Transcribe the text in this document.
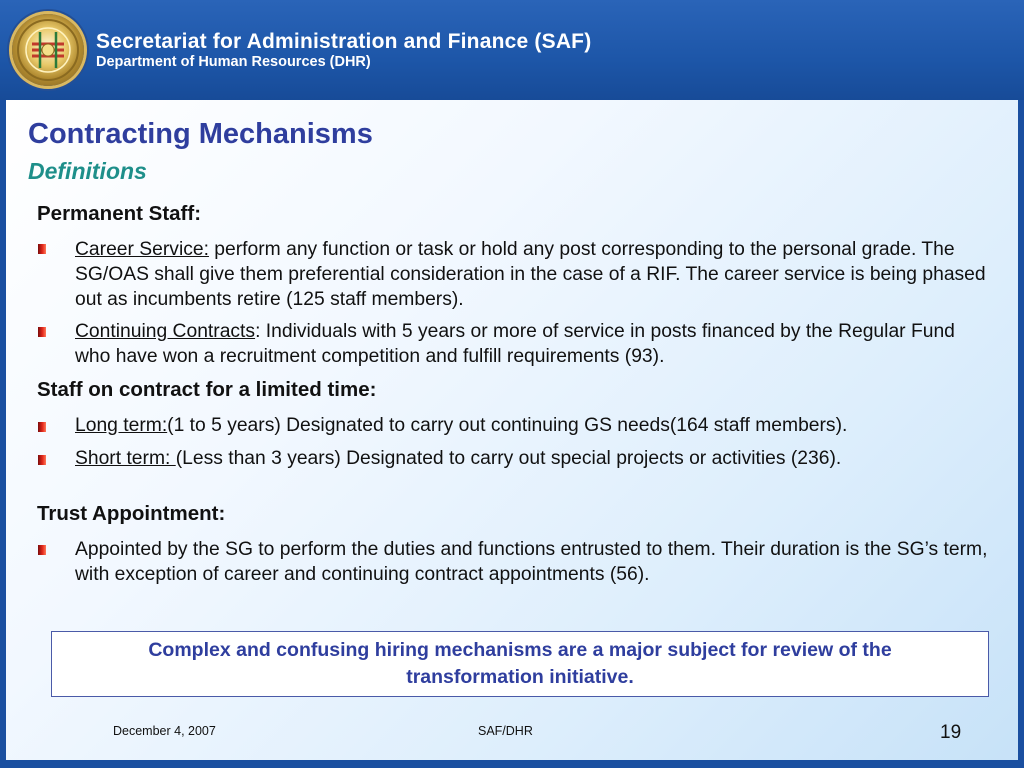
Secretariat for Administration and Finance (SAF)
Department of Human Resources (DHR)
Contracting Mechanisms
Definitions
Permanent Staff:

Career Service: perform any function or task or hold any post corresponding to the personal grade. The SG/OAS shall give them preferential consideration in the case of a RIF. The career service is being phased out as incumbents retire (125 staff members).

Continuing Contracts: Individuals with 5 years or more of service in posts financed by the Regular Fund who have won a recruitment competition and fulfill requirements (93).

Staff on contract for a limited time:

Long term:(1 to 5 years) Designated to carry out continuing GS needs(164 staff members).

Short term: (Less than 3 years) Designated to carry out special projects or activities (236).

Trust Appointment:

Appointed by the SG to perform the duties and functions entrusted to them. Their duration is the SG’s term, with exception of career and continuing contract appointments (56).

Complex and confusing hiring mechanisms are a major subject for review of the transformation initiative.
December 4, 2007	SAF/DHR	19
